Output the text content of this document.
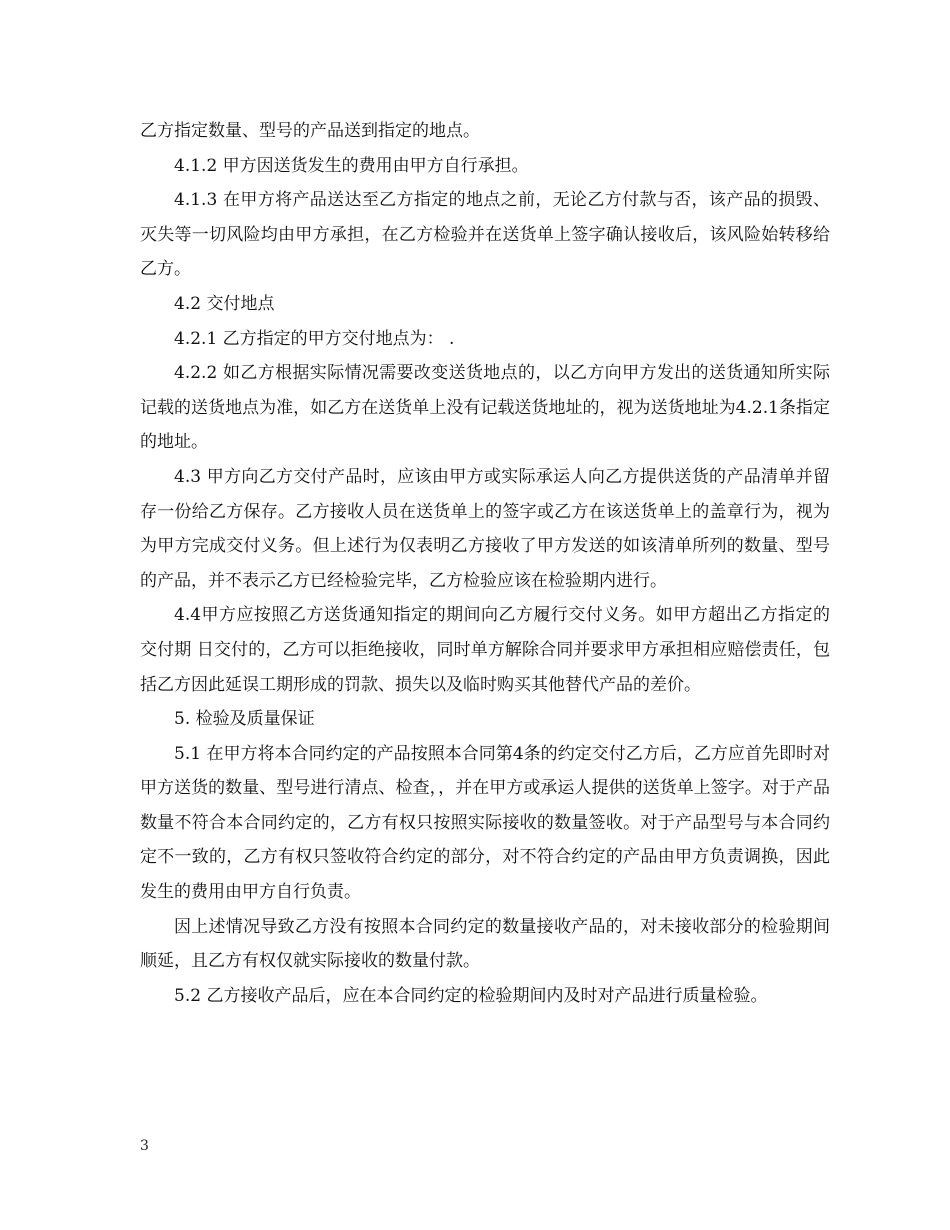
乙方指定数量、型号的产品送到指定的地点。

4.1.2 甲方因送货发生的费用由甲方自行承担。

4.1.3 在甲方将产品送达至乙方指定的地点之前，无论乙方付款与否，该产品的损毁、灭失等一切风险均由甲方承担，在乙方检验并在送货单上签字确认接收后，该风险始转移给乙方。

4.2 交付地点

4.2.1 乙方指定的甲方交付地点为： .

4.2.2 如乙方根据实际情况需要改变送货地点的，以乙方向甲方发出的送货通知所实际记载的送货地点为准，如乙方在送货单上没有记载送货地址的，视为送货地址为4.2.1条指定的地址。

4.3 甲方向乙方交付产品时，应该由甲方或实际承运人向乙方提供送货的产品清单并留存一份给乙方保存。乙方接收人员在送货单上的签字或乙方在该送货单上的盖章行为，视为为甲方完成交付义务。但上述行为仅表明乙方接收了甲方发送的如该清单所列的数量、型号的产品，并不表示乙方已经检验完毕，乙方检验应该在检验期内进行。

4.4甲方应按照乙方送货通知指定的期间向乙方履行交付义务。如甲方超出乙方指定的交付期 日交付的，乙方可以拒绝接收，同时单方解除合同并要求甲方承担相应赔偿责任，包括乙方因此延误工期形成的罚款、损失以及临时购买其他替代产品的差价。

5. 检验及质量保证

5.1 在甲方将本合同约定的产品按照本合同第4条的约定交付乙方后，乙方应首先即时对甲方送货的数量、型号进行清点、检查，，并在甲方或承运人提供的送货单上签字。对于产品数量不符合本合同约定的，乙方有权只按照实际接收的数量签收。对于产品型号与本合同约定不一致的，乙方有权只签收符合约定的部分，对不符合约定的产品由甲方负责调换，因此发生的费用由甲方自行负责。

因上述情况导致乙方没有按照本合同约定的数量接收产品的，对未接收部分的检验期间顺延，且乙方有权仅就实际接收的数量付款。

5.2 乙方接收产品后，应在本合同约定的检验期间内及时对产品进行质量检验。

3
